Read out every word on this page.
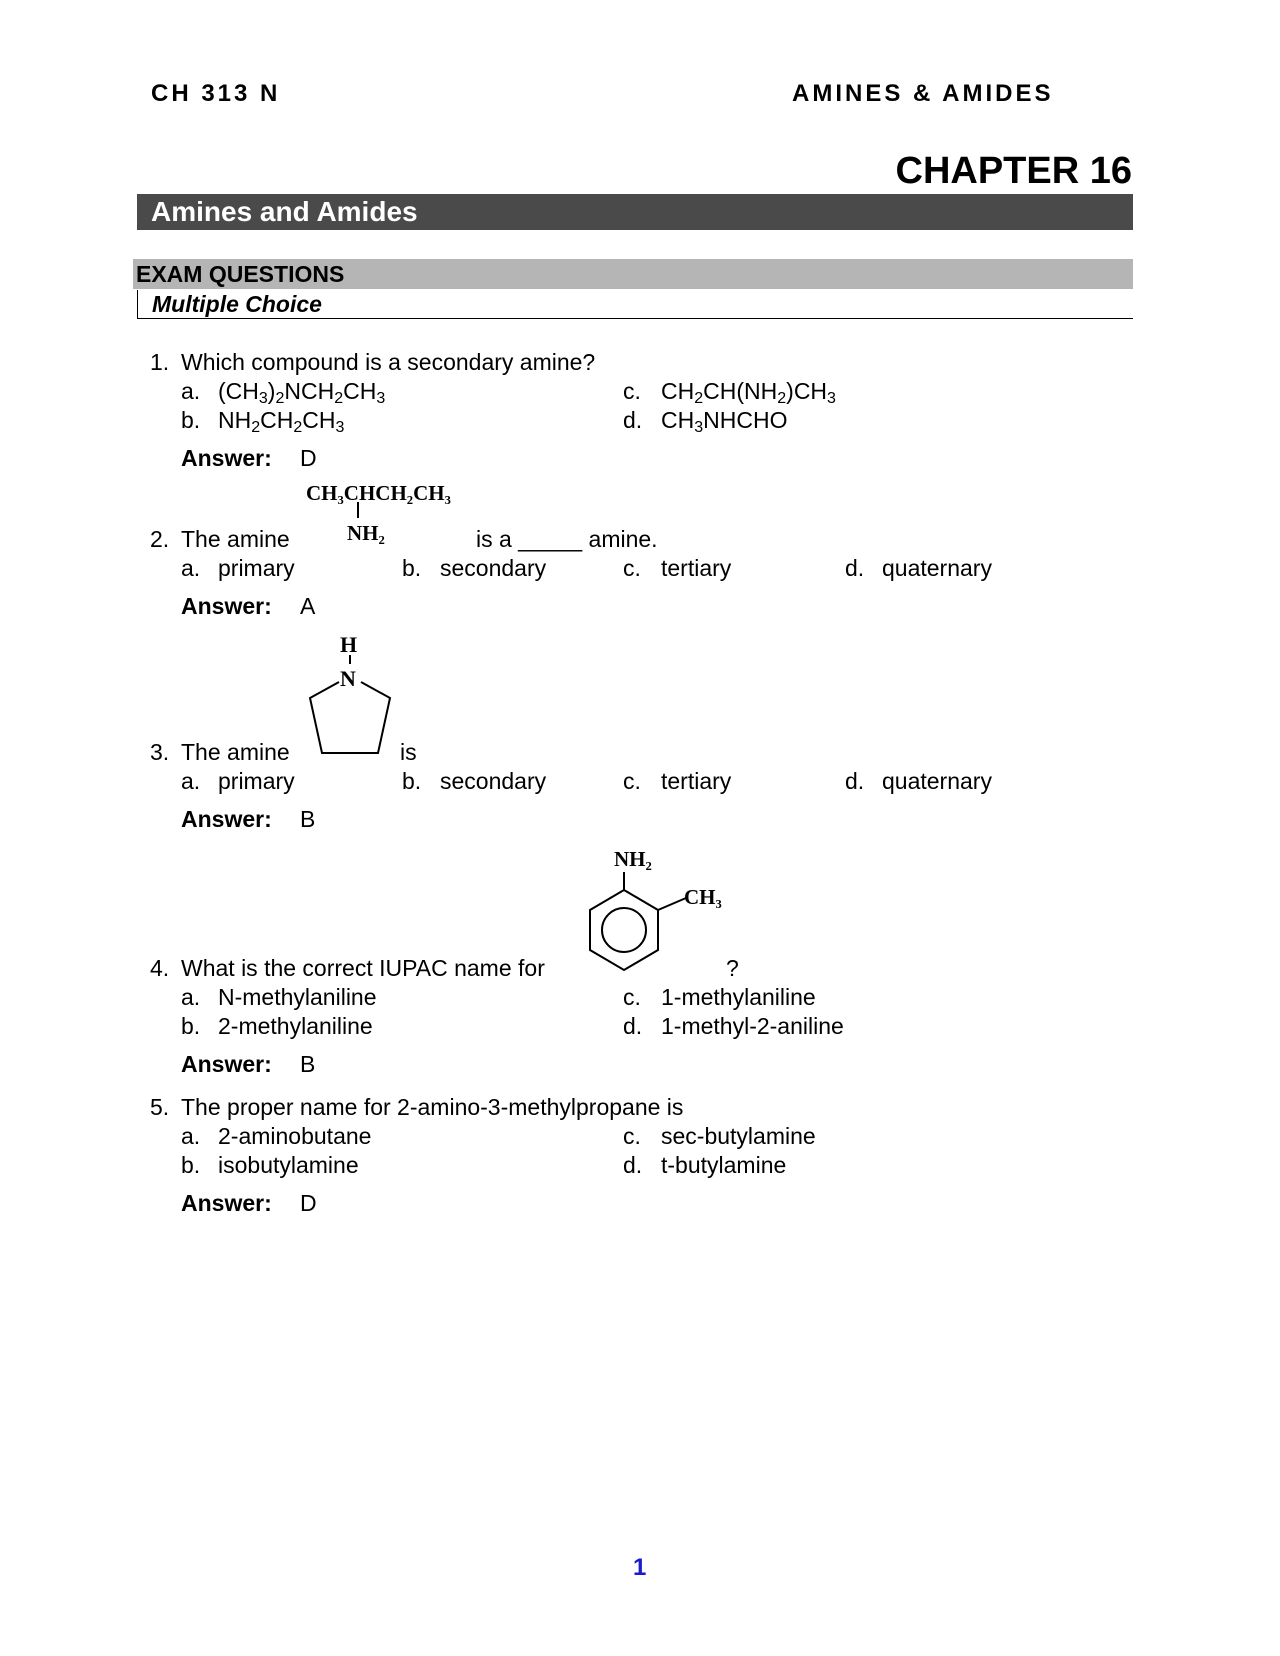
CH 313 N	AMINES & AMIDES
CHAPTER 16
Amines and Amides
EXAM QUESTIONS
Multiple Choice
1. Which compound is a secondary amine?
a. $(CH_3)_2NCH_2CH_3$
b. $NH_2CH_2CH_3$
c. $CH_2CH(NH_2)CH_3$
d. $CH_3NHCHO$
Answer: D
CH₃CHCH₂CH₃
NH₂
2. The amine	is a _____ amine.
a. primary	b. secondary	c. tertiary	d. quaternary
Answer: A
H
N
3. The amine	is
a. primary	b. secondary	c. tertiary	d. quaternary
Answer: B
NH₂
CH₃
4. What is the correct IUPAC name for	?
a. N-methylaniline
b. 2-methylaniline
c. 1-methylaniline
d. 1-methyl-2-aniline
Answer: B
5. The proper name for 2-amino-3-methylpropane is
a. 2-aminobutane
b. isobutylamine
c. sec-butylamine
d. t-butylamine
Answer: D
1
